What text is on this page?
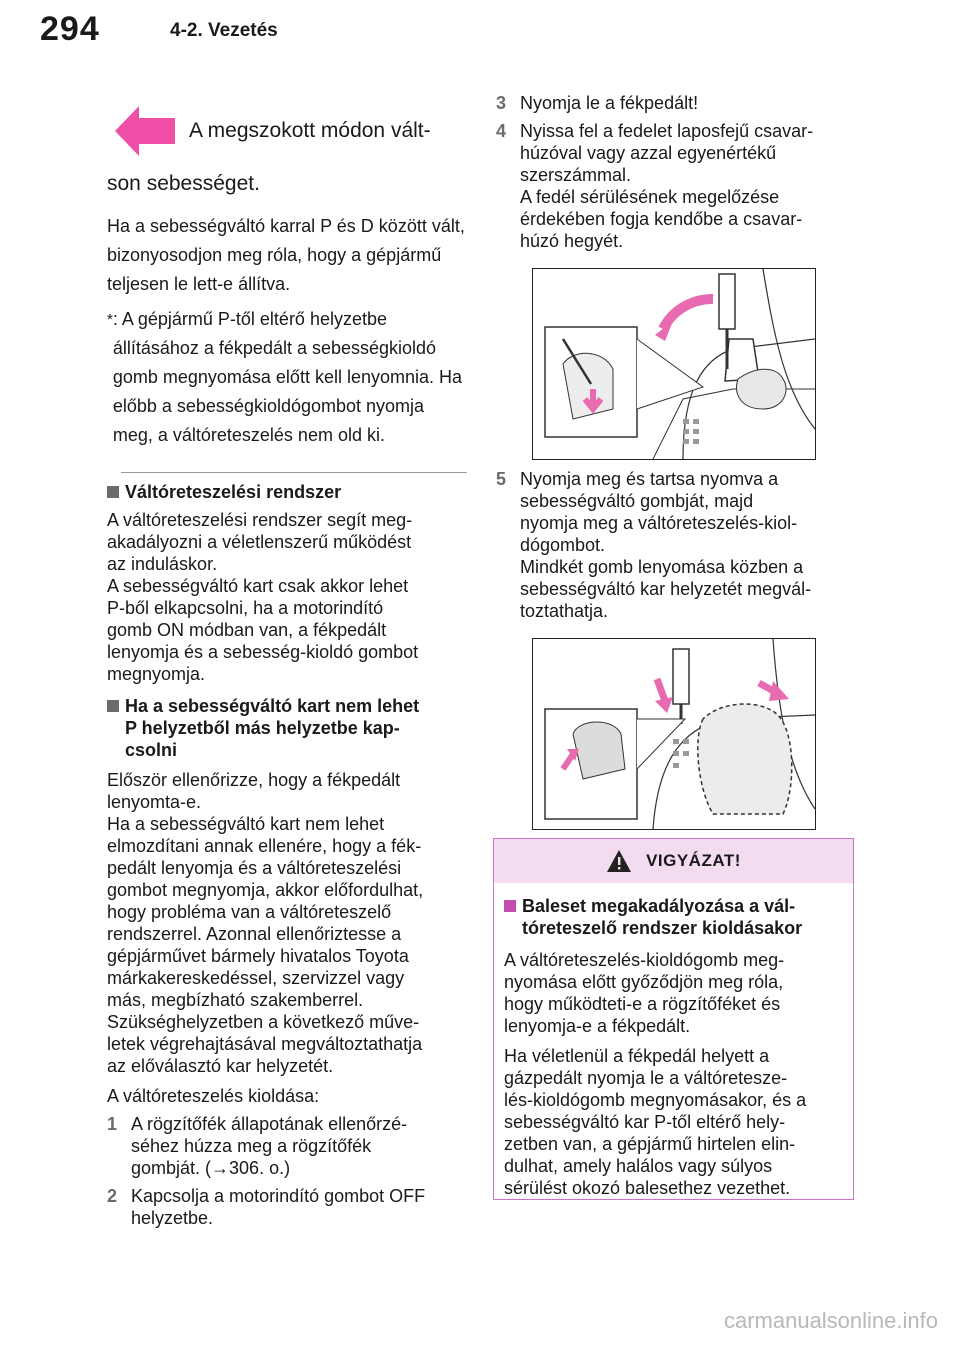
294	4-2. Vezetés
A megszokott módon vált-

son sebességet.

Ha a sebességváltó karral P és D között vált, bizonyosodjon meg róla, hogy a gépjármű teljesen le lett-e állítva.

* : A gépjármű P-től eltérő helyzetbe állításához a fékpedált a sebességkioldó gomb megnyomása előtt kell lenyomnia. Ha előbb a sebességkioldógombot nyomja meg, a váltóreteszelés nem old ki.
Váltóreteszelési rendszer

A váltóreteszelési rendszer segít meg-
akadályozni a véletlenszerű működést
az induláskor.
A sebességváltó kart csak akkor lehet
P-ből elkapcsolni, ha a motorindító
gomb ON módban van, a fékpedált
lenyomja és a sebesség-kioldó gombot
megnyomja.

Ha a sebességváltó kart nem lehet
P helyzetből más helyzetbe kap-
csolni

Először ellenőrizze, hogy a fékpedált
lenyomta-e.
Ha a sebességváltó kart nem lehet
elmozdítani annak ellenére, hogy a fék-
pedált lenyomja és a váltóreteszelési
gombot megnyomja, akkor előfordulhat,
hogy probléma van a váltóreteszelő
rendszerrel. Azonnal ellenőriztesse a
gépjárművet bármely hivatalos Toyota
márkakereskedéssel, szervizzel vagy
más, megbízható szakemberrel.
Szükséghelyzetben a következő műve-
letek végrehajtásával megváltoztathatja
az előválasztó kar helyzetét.

A váltóreteszelés kioldása:

1 A rögzítőfék állapotának ellenőrzé-
séhez húzza meg a rögzítőfék
gombját. (→306. o.)
2 Kapcsolja a motorindító gombot OFF
helyzetbe.
3 Nyomja le a fékpedált!
4 Nyissa fel a fedelet laposfejű csavar-
húzóval vagy azzal egyenértékű
szerszámmal.
A fedél sérülésének megelőzése
érdekében fogja kendőbe a csavar-
húzó hegyét.
5 Nyomja meg és tartsa nyomva a
sebességváltó gombját, majd
nyomja meg a váltóreteszelés-kiol-
dógombot.
Mindkét gomb lenyomása közben a
sebességváltó kar helyzetét megvál-
toztathatja.
VIGYÁZAT!
Baleset megakadályozása a vál-
tóreteszelő rendszer kioldásakor

A váltóreteszelés-kioldógomb meg-
nyomása előtt győződjön meg róla,
hogy működteti-e a rögzítőféket és
lenyomja-e a fékpedált.

Ha véletlenül a fékpedál helyett a
gázpedált nyomja le a váltóretesze-
lés-kioldógomb megnyomásakor, és a
sebességváltó kar P-től eltérő hely-
zetben van, a gépjármű hirtelen elin-
dulhat, amely halálos vagy súlyos
sérülést okozó balesethez vezethet.

carmanualsonline.info
